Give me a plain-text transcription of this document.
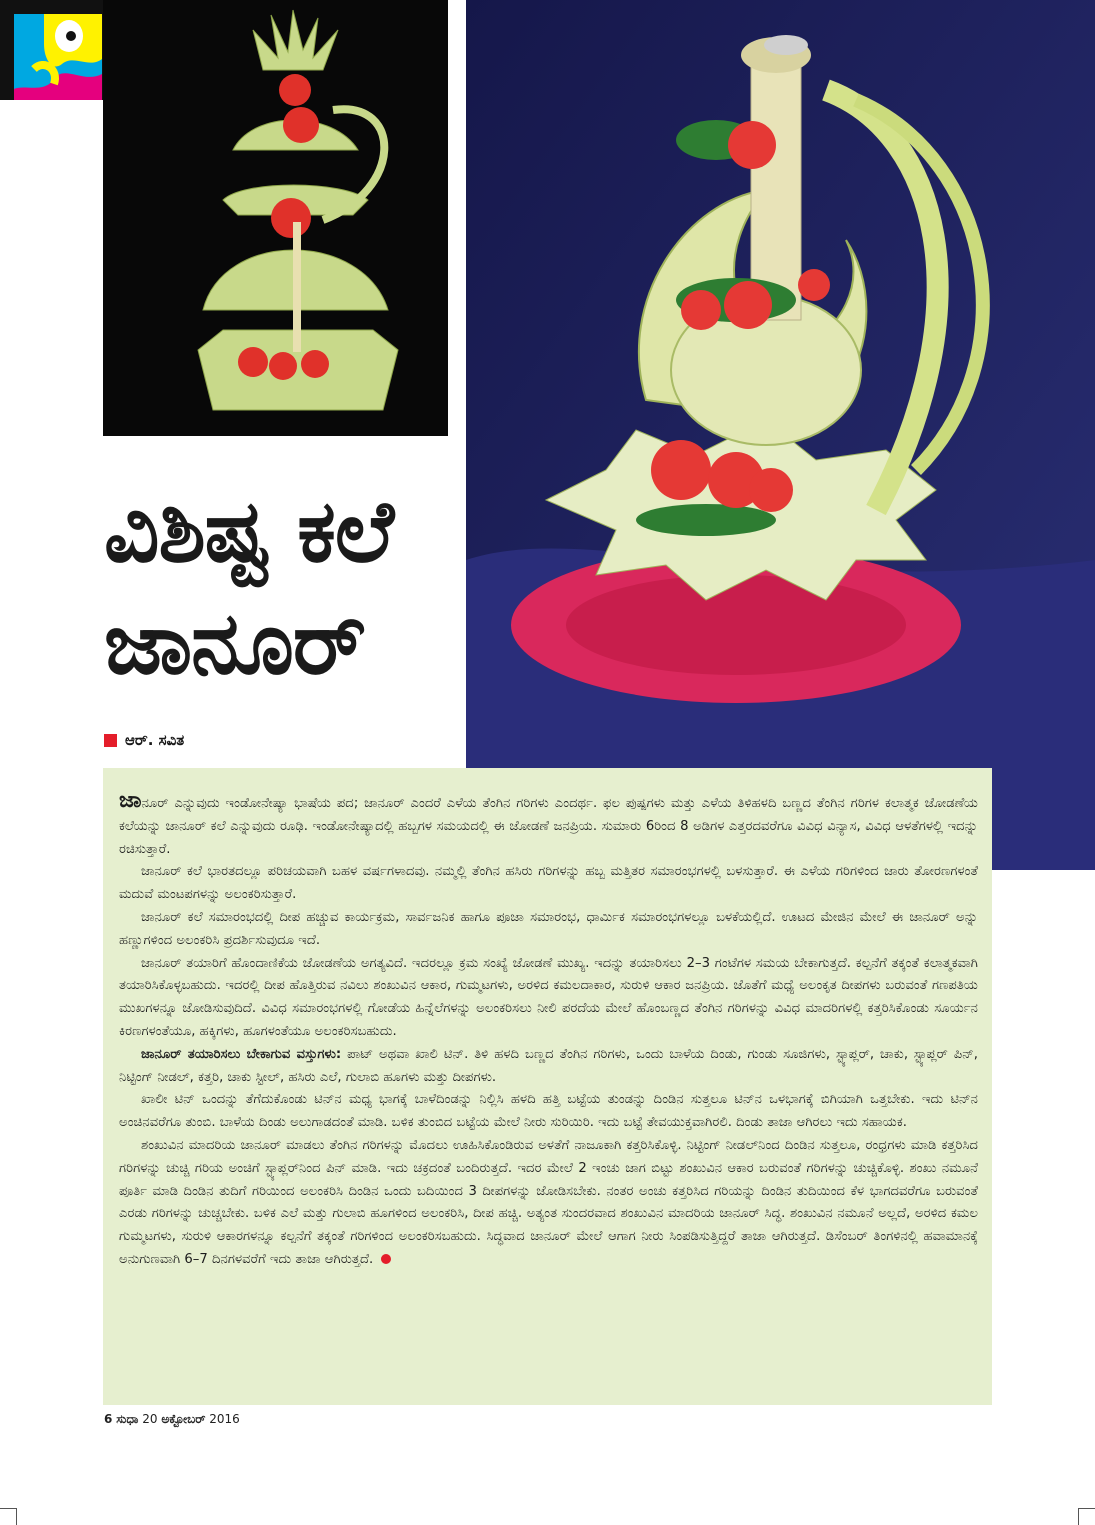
ವಿಶಿಷ್ಟ ಕಲೆ
ಜಾನೂರ್
ಆರ್. ಸವಿತ

ಜಾನೂರ್ ಎನ್ನುವುದು ಇಂಡೋನೇಷ್ಯಾ ಭಾಷೆಯ ಪದ; ಜಾನೂರ್ ಎಂದರೆ ಎಳೆಯ ತೆಂಗಿನ ಗರಿಗಳು ಎಂದರ್ಥ. ಫಲ ಪುಷ್ಪಗಳು ಮತ್ತು ಎಳೆಯ ತಿಳಿಹಳದಿ ಬಣ್ಣದ ತೆಂಗಿನ ಗರಿಗಳ ಕಲಾತ್ಮಕ ಜೋಡಣೆಯ ಕಲೆಯನ್ನು ಜಾನೂರ್ ಕಲೆ ಎನ್ನುವುದು ರೂಢಿ. ಇಂಡೋನೇಷ್ಯಾದಲ್ಲಿ ಹಬ್ಬಗಳ ಸಮಯದಲ್ಲಿ ಈ ಜೋಡಣೆ ಜನಪ್ರಿಯ. ಸುಮಾರು 6ರಿಂದ 8 ಅಡಿಗಳ ಎತ್ತರದವರೆಗೂ ವಿವಿಧ ವಿನ್ಯಾಸ, ವಿವಿಧ ಆಳತೆಗಳಲ್ಲಿ ಇದನ್ನು ರಚಿಸುತ್ತಾರೆ.

ಜಾನೂರ್ ಕಲೆ ಭಾರತದಲ್ಲೂ ಪರಿಚಯವಾಗಿ ಬಹಳ ವರ್ಷಗಳಾದವು. ನಮ್ಮಲ್ಲಿ ತೆಂಗಿನ ಹಸಿರು ಗರಿಗಳನ್ನು ಹಬ್ಬ ಮತ್ತಿತರ ಸಮಾರಂಭಗಳಲ್ಲಿ ಬಳಸುತ್ತಾರೆ. ಈ ಎಳೆಯ ಗರಿಗಳಿಂದ ಜಾರು ತೋರಣಗಳಂತೆ ಮದುವೆ ಮಂಟಪಗಳನ್ನು ಅಲಂಕರಿಸುತ್ತಾರೆ.

ಜಾನೂರ್ ಕಲೆ ಸಮಾರಂಭದಲ್ಲಿ ದೀಪ ಹಚ್ಚುವ ಕಾರ್ಯಕ್ರಮ, ಸಾರ್ವಜನಿಕ ಹಾಗೂ ಪೂಜಾ ಸಮಾರಂಭ, ಧಾರ್ಮಿಕ ಸಮಾರಂಭಗಳಲ್ಲೂ ಬಳಕೆಯಲ್ಲಿದೆ. ಊಟದ ಮೇಜಿನ ಮೇಲೆ ಈ ಜಾನೂರ್ ಅನ್ನು ಹಣ್ಣುಗಳಿಂದ ಅಲಂಕರಿಸಿ ಪ್ರದರ್ಶಿಸುವುದೂ ಇದೆ.

ಜಾನೂರ್ ತಯಾರಿಗೆ ಹೊಂದಾಣಿಕೆಯ ಜೋಡಣೆಯ ಅಗತ್ಯವಿದೆ. ಇದರಲ್ಲೂ ಕ್ರಮ ಸಂಖ್ಯೆ ಜೋಡಣೆ ಮುಖ್ಯ. ಇದನ್ನು ತಯಾರಿಸಲು 2–3 ಗಂಟೆಗಳ ಸಮಯ ಬೇಕಾಗುತ್ತದೆ. ಕಲ್ಪನೆಗೆ ತಕ್ಕಂತೆ ಕಲಾತ್ಮಕವಾಗಿ ತಯಾರಿಸಿಕೊಳ್ಳಬಹುದು. ಇದರಲ್ಲಿ ದೀಪ ಹೊತ್ತಿರುವ ನವಿಲು ಶಂಖುವಿನ ಆಕಾರ, ಗುಮ್ಮಟಗಳು, ಅರಳಿದ ಕಮಲದಾಕಾರ, ಸುರುಳಿ ಆಕಾರ ಜನಪ್ರಿಯ. ಜೊತೆಗೆ ಮಧ್ಯೆ ಅಲಂಕೃತ ದೀಪಗಳು ಬರುವಂತೆ ಗಣಪತಿಯ ಮುಖಗಳನ್ನೂ ಜೋಡಿಸುವುದಿದೆ. ವಿವಿಧ ಸಮಾರಂಭಗಳಲ್ಲಿ ಗೋಡೆಯ ಹಿನ್ನೆಲೆಗಳನ್ನು ಅಲಂಕರಿಸಲು ನೀಲಿ ಪರದೆಯ ಮೇಲೆ ಹೊಂಬಣ್ಣದ ತೆಂಗಿನ ಗರಿಗಳನ್ನು ವಿವಿಧ ಮಾದರಿಗಳಲ್ಲಿ ಕತ್ತರಿಸಿಕೊಂಡು ಸೂರ್ಯನ ಕಿರಣಗಳಂತೆಯೂ, ಹಕ್ಕಿಗಳು, ಹೂಗಳಂತೆಯೂ ಅಲಂಕರಿಸಬಹುದು.

ಜಾನೂರ್ ತಯಾರಿಸಲು ಬೇಕಾಗುವ ವಸ್ತುಗಳು: ಪಾಟ್ ಅಥವಾ ಖಾಲಿ ಟಿನ್. ತಿಳಿ ಹಳದಿ ಬಣ್ಣದ ತೆಂಗಿನ ಗರಿಗಳು, ಒಂದು ಬಾಳೆಯ ದಿಂಡು, ಗುಂಡು ಸೂಜಿಗಳು, ಸ್ಟ್ಯಾಪ್ಲರ್, ಚಾಕು, ಸ್ಟ್ಯಾಪ್ಲರ್ ಪಿನ್, ನಿಟ್ಟಿಂಗ್ ನೀಡಲ್, ಕತ್ತರಿ, ಚಾಕು ಸ್ಟೀಲ್, ಹಸಿರು ಎಲೆ, ಗುಲಾಬಿ ಹೂಗಳು ಮತ್ತು ದೀಪಗಳು.

ಖಾಲೀ ಟಿನ್ ಒಂದನ್ನು ತೆಗೆದುಕೊಂಡು ಟಿನ್‌ನ ಮಧ್ಯ ಭಾಗಕ್ಕೆ ಬಾಳೆದಿಂಡನ್ನು ನಿಲ್ಲಿಸಿ ಹಳದಿ ಹತ್ತಿ ಬಟ್ಟೆಯ ತುಂಡನ್ನು ದಿಂಡಿನ ಸುತ್ತಲೂ ಟಿನ್‌ನ ಒಳಭಾಗಕ್ಕೆ ಬಿಗಿಯಾಗಿ ಒತ್ತಬೇಕು. ಇದು ಟಿನ್‌ನ ಅಂಚಿನವರೆಗೂ ತುಂಬಿ. ಬಾಳೆಯ ದಿಂಡು ಅಲುಗಾಡದಂತೆ ಮಾಡಿ. ಬಳಿಕ ತುಂಬಿದ ಬಟ್ಟೆಯ ಮೇಲೆ ನೀರು ಸುರಿಯಿರಿ. ಇದು ಬಟ್ಟೆ ತೇವಯುಕ್ತವಾಗಿರಲಿ. ದಿಂಡು ತಾಜಾ ಆಗಿರಲು ಇದು ಸಹಾಯಕ.

ಶಂಖುವಿನ ಮಾದರಿಯ ಜಾನೂರ್ ಮಾಡಲು ತೆಂಗಿನ ಗರಿಗಳನ್ನು ಮೊದಲು ಊಹಿಸಿಕೊಂಡಿರುವ ಅಳತೆಗೆ ನಾಜೂಕಾಗಿ ಕತ್ತರಿಸಿಕೊಳ್ಳಿ. ನಿಟ್ಟಿಂಗ್ ನೀಡಲ್‌ನಿಂದ ದಿಂಡಿನ ಸುತ್ತಲೂ, ರಂಧ್ರಗಳು ಮಾಡಿ ಕತ್ತರಿಸಿದ ಗರಿಗಳನ್ನು ಚುಚ್ಚಿ ಗರಿಯ ಅಂಚಿಗೆ ಸ್ಟ್ಯಾಪ್ಲರ್‌ನಿಂದ ಪಿನ್ ಮಾಡಿ. ಇದು ಚಕ್ರದಂತೆ ಬಂದಿರುತ್ತದೆ. ಇದರ ಮೇಲೆ 2 ಇಂಚು ಜಾಗ ಬಿಟ್ಟು ಶಂಖುವಿನ ಆಕಾರ ಬರುವಂತೆ ಗರಿಗಳನ್ನು ಚುಚ್ಚಿಕೊಳ್ಳಿ. ಶಂಖು ನಮೂನೆ ಪೂರ್ತಿ ಮಾಡಿ ದಿಂಡಿನ ತುದಿಗೆ ಗರಿಯಿಂದ ಅಲಂಕರಿಸಿ ದಿಂಡಿನ ಒಂದು ಬದಿಯಿಂದ 3 ದೀಪಗಳನ್ನು ಜೋಡಿಸಬೇಕು. ನಂತರ ಅಂಚು ಕತ್ತರಿಸಿದ ಗರಿಯನ್ನು ದಿಂಡಿನ ತುದಿಯಿಂದ ಕೆಳ ಭಾಗದವರೆಗೂ ಬರುವಂತೆ ಎರಡು ಗರಿಗಳನ್ನು ಚುಚ್ಚಬೇಕು. ಬಳಿಕ ಎಲೆ ಮತ್ತು ಗುಲಾಬಿ ಹೂಗಳಿಂದ ಅಲಂಕರಿಸಿ, ದೀಪ ಹಚ್ಚಿ. ಅತ್ಯಂತ ಸುಂದರವಾದ ಶಂಖುವಿನ ಮಾದರಿಯ ಜಾನೂರ್ ಸಿದ್ಧ. ಶಂಖುವಿನ ನಮೂನೆ ಅಲ್ಲದೆ, ಅರಳಿದ ಕಮಲ ಗುಮ್ಮಟಗಳು, ಸುರುಳಿ ಆಕಾರಗಳನ್ನೂ ಕಲ್ಪನೆಗೆ ತಕ್ಕಂತೆ ಗರಿಗಳಿಂದ ಅಲಂಕರಿಸಬಹುದು. ಸಿದ್ಧವಾದ ಜಾನೂರ್ ಮೇಲೆ ಆಗಾಗ ನೀರು ಸಿಂಪಡಿಸುತ್ತಿದ್ದರೆ ತಾಜಾ ಆಗಿರುತ್ತದೆ. ಡಿಸೆಂಬರ್ ತಿಂಗಳಿನಲ್ಲಿ ಹವಾಮಾನಕ್ಕೆ ಅನುಗುಣವಾಗಿ 6–7 ದಿನಗಳವರೆಗೆ ಇದು ತಾಜಾ ಆಗಿರುತ್ತದೆ.

6 ಸುಧಾ 20 ಅಕ್ಟೋಬರ್ 2016
